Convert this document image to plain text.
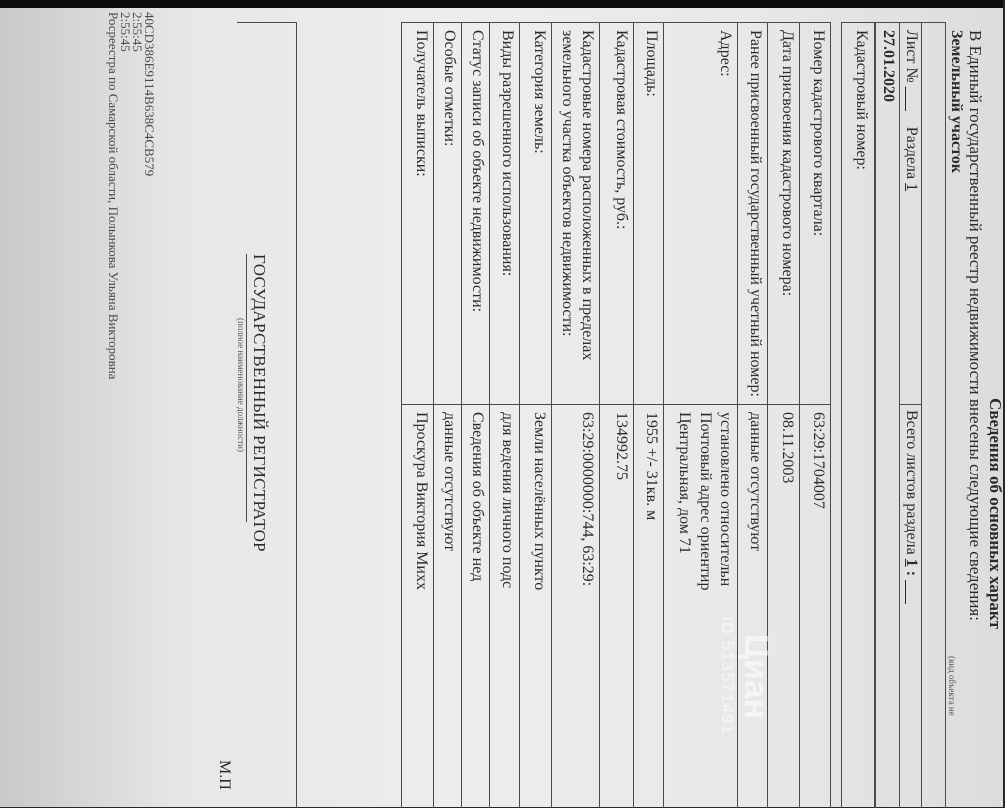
Сведения об основных характ
В Единый государственный реестр недвижимости внесены следующие сведения:
Земельный участок
(вид объекта не
Лист № ___ Раздела 1
Всего листов раздела 1 : ___
27.01.2020
Кадастровый номер:
Номер кадастрового квартала:
63:29:1704007
Дата присвоения кадастрового номера:
08.11.2003
Ранее присвоенный государственный учетный номер:
данные отсутствуют
Адрес:
установлено относительн
Почтовый адрес ориентир
Центральная, дом 71
Площадь:
1955 +/- 31кв. м
Кадастровая стоимость, руб.:
134992.75
Кадастровые номера расположенных в пределах
земельного участка объектов недвижимости:
63:29:0000000:744, 63:29:
Категория земель:
Земли населённых пункто
Виды разрешенного использования:
для ведения личного подс
Статус записи об объекте недвижимости:
Сведения об объекте нед
Особые отметки:
данные отсутствуют
Получатель выписки:
Проскура Виктория Михх
ГОСУДАРСТВЕННЫЙ РЕГИСТРАТОР
(полное наименование должности)
М.П
40CD386E9114B638C4CB579
2:55:45
2:55:45
Росреестра по Самарской области, Полынкова Ульяна Викторовна
Циан
ID 513571491
